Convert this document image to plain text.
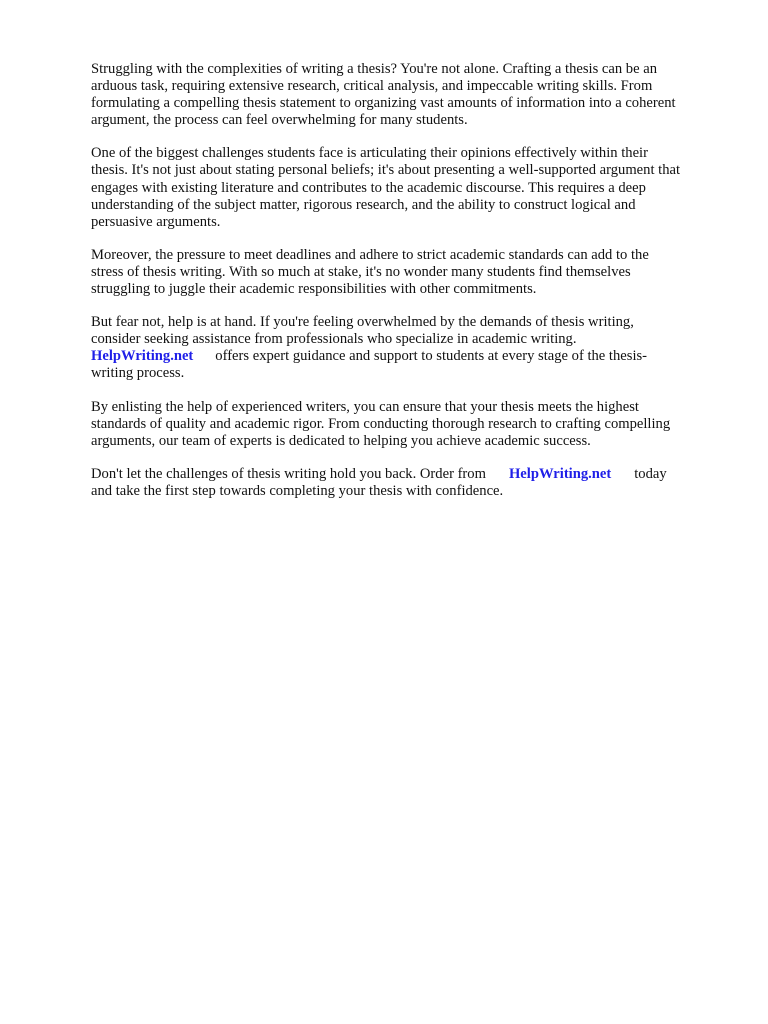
Struggling with the complexities of writing a thesis? You're not alone. Crafting a thesis can be an
arduous task, requiring extensive research, critical analysis, and impeccable writing skills. From
formulating a compelling thesis statement to organizing vast amounts of information into a coherent
argument, the process can feel overwhelming for many students.

One of the biggest challenges students face is articulating their opinions effectively within their
thesis. It's not just about stating personal beliefs; it's about presenting a well-supported argument that
engages with existing literature and contributes to the academic discourse. This requires a deep
understanding of the subject matter, rigorous research, and the ability to construct logical and
persuasive arguments.

Moreover, the pressure to meet deadlines and adhere to strict academic standards can add to the
stress of thesis writing. With so much at stake, it's no wonder many students find themselves
struggling to juggle their academic responsibilities with other commitments.

But fear not, help is at hand. If you're feeling overwhelmed by the demands of thesis writing,
consider seeking assistance from professionals who specialize in academic writing.
HelpWriting.net offers expert guidance and support to students at every stage of the thesis-
writing process.

By enlisting the help of experienced writers, you can ensure that your thesis meets the highest
standards of quality and academic rigor. From conducting thorough research to crafting compelling
arguments, our team of experts is dedicated to helping you achieve academic success.

Don't let the challenges of thesis writing hold you back. Order from HelpWriting.net today
and take the first step towards completing your thesis with confidence.
